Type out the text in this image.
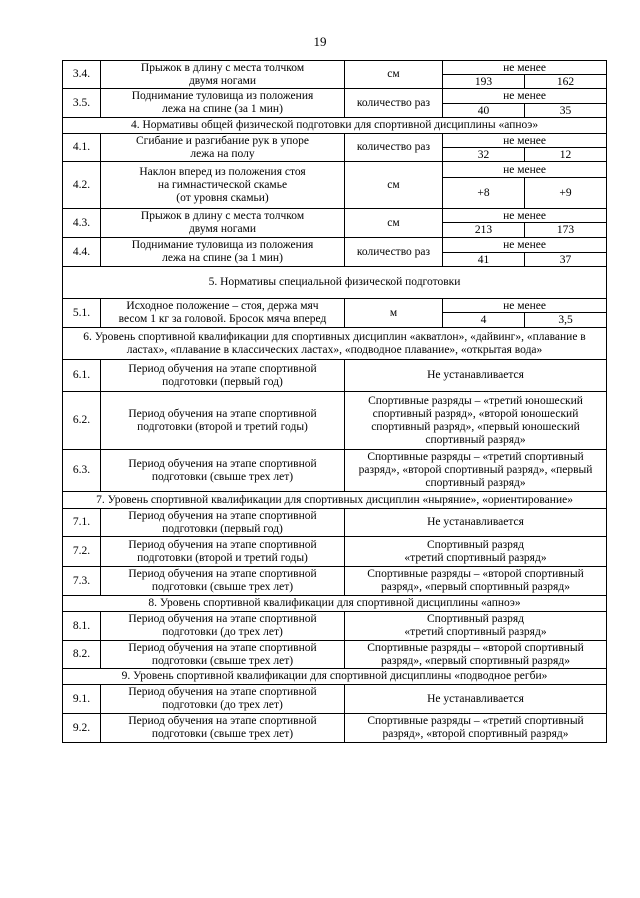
19
3.4.	Прыжок в длину с места толчком
двумя ногами	см	не менее	
			193	162
3.5.	Поднимание туловища из положения
лежа на спине (за 1 мин)	количество раз	не менее	
			40	35
4. Нормативы общей физической подготовки для спортивной дисциплины «апноэ»				
4.1.	Сгибание и разгибание рук в упоре
лежа на полу	количество раз	не менее	
			32	12
4.2.	Наклон вперед из положения стоя
на гимнастической скамье
(от уровня скамьи)	см	не менее	
			+8	+9
4.3.	Прыжок в длину с места толчком
двумя ногами	см	не менее	
			213	173
4.4.	Поднимание туловища из положения
лежа на спине (за 1 мин)	количество раз	не менее	
			41	37
5. Нормативы специальной физической подготовки				
5.1.	Исходное положение – стоя, держа мяч
весом 1 кг за головой. Бросок мяча вперед	м	не менее	
			4	3,5
6. Уровень спортивной квалификации для спортивных дисциплин «акватлон», «дайвинг», «плавание в ластах», «плавание в классических ластах», «подводное плавание», «открытая вода»				
6.1.	Период обучения на этапе спортивной
подготовки (первый год)	Не устанавливается		
6.2.	Период обучения на этапе спортивной
подготовки (второй и третий годы)	Спортивные разряды – «третий юношеский спортивный разряд», «второй юношеский спортивный разряд», «первый юношеский спортивный разряд»		
6.3.	Период обучения на этапе спортивной
подготовки (свыше трех лет)	Спортивные разряды – «третий спортивный разряд», «второй спортивный разряд», «первый спортивный разряд»		
7. Уровень спортивной квалификации для спортивных дисциплин «ныряние», «ориентирование»				
7.1.	Период обучения на этапе спортивной
подготовки (первый год)	Не устанавливается		
7.2.	Период обучения на этапе спортивной
подготовки (второй и третий годы)	Спортивный разряд
«третий спортивный разряд»		
7.3.	Период обучения на этапе спортивной
подготовки (свыше трех лет)	Спортивные разряды – «второй спортивный разряд», «первый спортивный разряд»		
8. Уровень спортивной квалификации для спортивной дисциплины «апноэ»				
8.1.	Период обучения на этапе спортивной
подготовки (до трех лет)	Спортивный разряд
«третий спортивный разряд»		
8.2.	Период обучения на этапе спортивной
подготовки (свыше трех лет)	Спортивные разряды – «второй спортивный разряд», «первый спортивный разряд»		
9. Уровень спортивной квалификации для спортивной дисциплины «подводное регби»				
9.1.	Период обучения на этапе спортивной
подготовки (до трех лет)	Не устанавливается		
9.2.	Период обучения на этапе спортивной
подготовки (свыше трех лет)	Спортивные разряды – «третий спортивный разряд», «второй спортивный разряд»		
